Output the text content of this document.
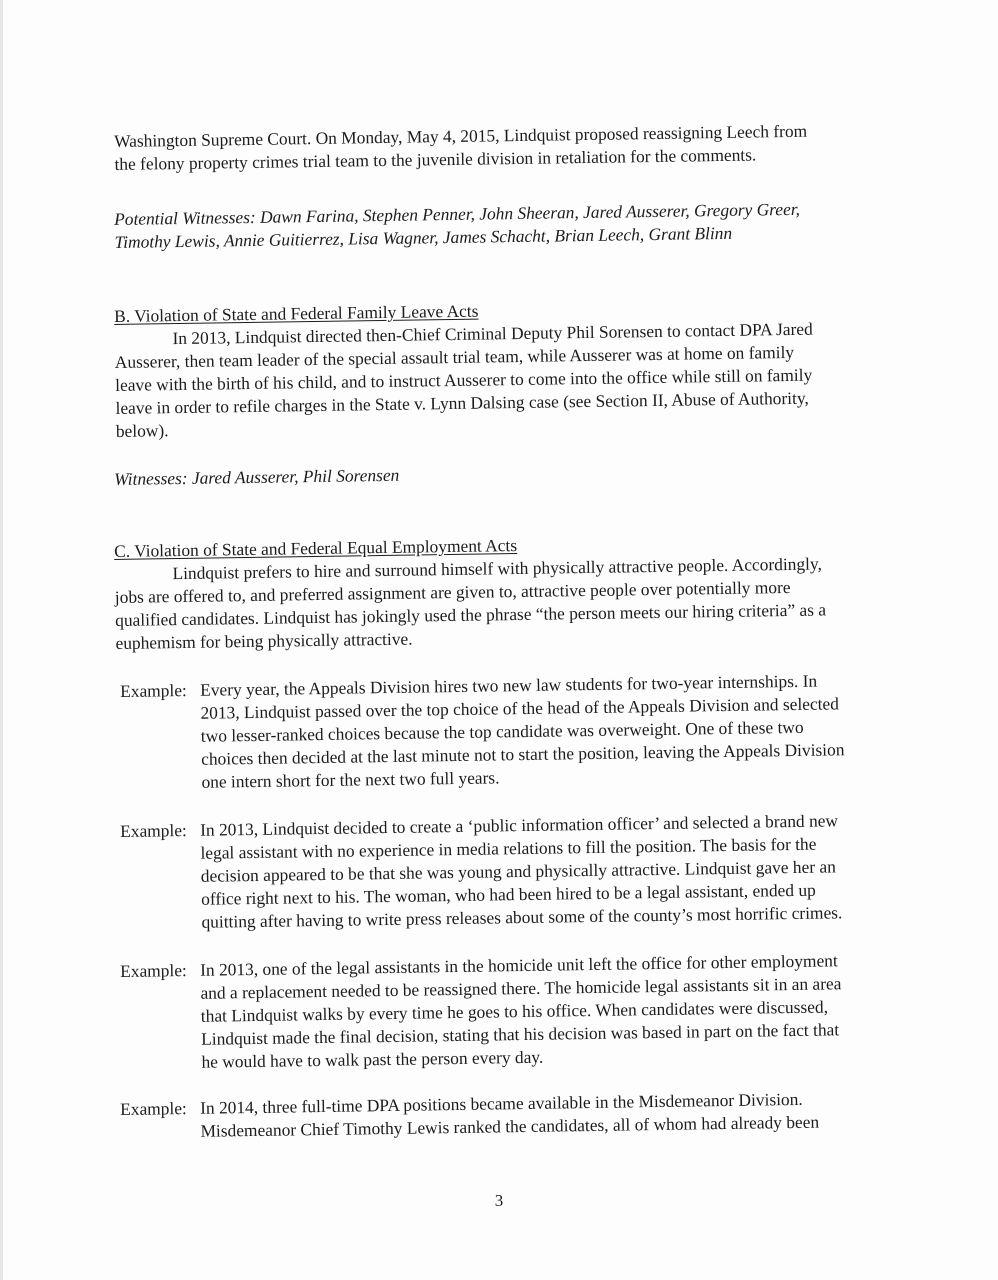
Washington Supreme Court. On Monday, May 4, 2015, Lindquist proposed reassigning Leech from
the felony property crimes trial team to the juvenile division in retaliation for the comments.
Potential Witnesses: Dawn Farina, Stephen Penner, John Sheeran, Jared Ausserer, Gregory Greer,
Timothy Lewis, Annie Guitierrez, Lisa Wagner, James Schacht, Brian Leech, Grant Blinn
B. Violation of State and Federal Family Leave Acts
In 2013, Lindquist directed then-Chief Criminal Deputy Phil Sorensen to contact DPA Jared
Ausserer, then team leader of the special assault trial team, while Ausserer was at home on family
leave with the birth of his child, and to instruct Ausserer to come into the office while still on family
leave in order to refile charges in the State v. Lynn Dalsing case (see Section II, Abuse of Authority,
below).
Witnesses: Jared Ausserer, Phil Sorensen
C. Violation of State and Federal Equal Employment Acts
Lindquist prefers to hire and surround himself with physically attractive people. Accordingly,
jobs are offered to, and preferred assignment are given to, attractive people over potentially more
qualified candidates. Lindquist has jokingly used the phrase “the person meets our hiring criteria” as a
euphemism for being physically attractive.
Example: Every year, the Appeals Division hires two new law students for two-year internships. In
2013, Lindquist passed over the top choice of the head of the Appeals Division and selected
two lesser-ranked choices because the top candidate was overweight. One of these two
choices then decided at the last minute not to start the position, leaving the Appeals Division
one intern short for the next two full years.
Example: In 2013, Lindquist decided to create a ‘public information officer’ and selected a brand new
legal assistant with no experience in media relations to fill the position. The basis for the
decision appeared to be that she was young and physically attractive. Lindquist gave her an
office right next to his. The woman, who had been hired to be a legal assistant, ended up
quitting after having to write press releases about some of the county’s most horrific crimes.
Example: In 2013, one of the legal assistants in the homicide unit left the office for other employment
and a replacement needed to be reassigned there. The homicide legal assistants sit in an area
that Lindquist walks by every time he goes to his office. When candidates were discussed,
Lindquist made the final decision, stating that his decision was based in part on the fact that
he would have to walk past the person every day.
Example: In 2014, three full-time DPA positions became available in the Misdemeanor Division.
Misdemeanor Chief Timothy Lewis ranked the candidates, all of whom had already been
3
